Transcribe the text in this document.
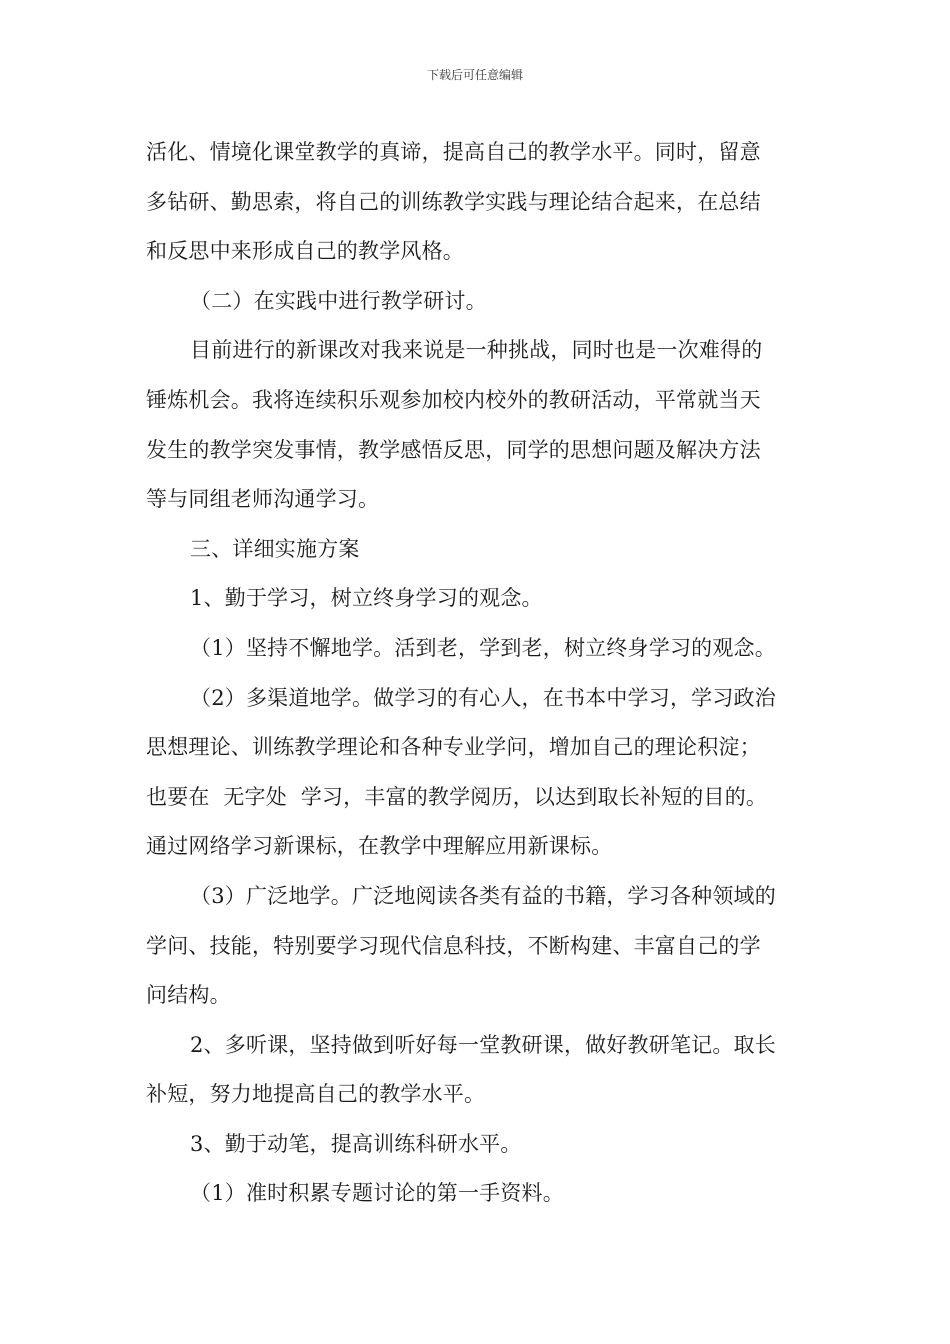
下载后可任意编辑
活化、情境化课堂教学的真谛，提高自己的教学水平。同时，留意
多钻研、勤思索，将自己的训练教学实践与理论结合起来，在总结
和反思中来形成自己的教学风格。
（二）在实践中进行教学研讨。
目前进行的新课改对我来说是一种挑战，同时也是一次难得的
锤炼机会。我将连续积乐观参加校内校外的教研活动，平常就当天
发生的教学突发事情，教学感悟反思，同学的思想问题及解决方法
等与同组老师沟通学习。
三、详细实施方案
1、勤于学习，树立终身学习的观念。
（1）坚持不懈地学。活到老，学到老，树立终身学习的观念。
（2）多渠道地学。做学习的有心人，在书本中学习，学习政治
思想理论、训练教学理论和各种专业学问，增加自己的理论积淀；
也要在  无字处  学习，丰富的教学阅历，以达到取长补短的目的。
通过网络学习新课标，在教学中理解应用新课标。
（3）广泛地学。广泛地阅读各类有益的书籍，学习各种领域的
学问、技能，特别要学习现代信息科技，不断构建、丰富自己的学
问结构。
2、多听课，坚持做到听好每一堂教研课，做好教研笔记。取长
补短，努力地提高自己的教学水平。
3、勤于动笔，提高训练科研水平。
（1）准时积累专题讨论的第一手资料。
